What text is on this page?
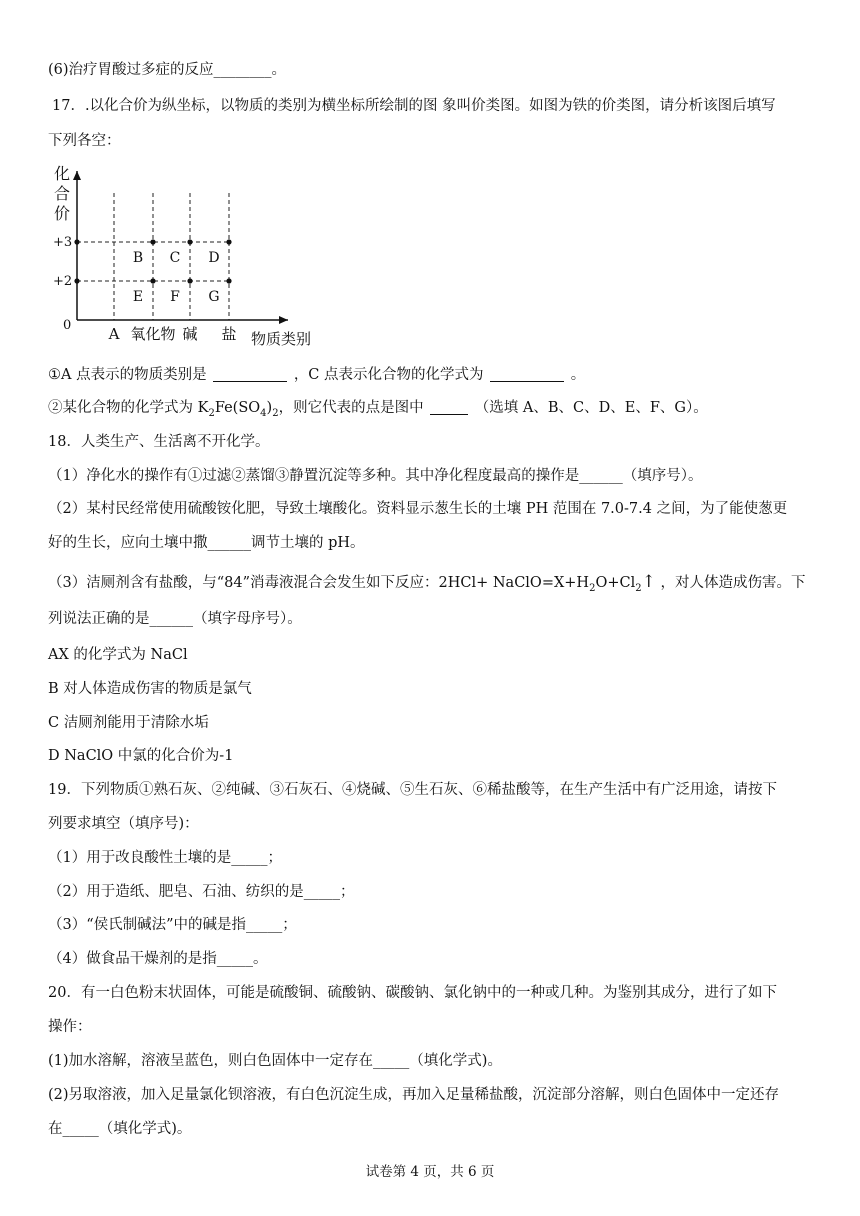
(6)治疗胃酸过多症的反应________。
17．.以化合价为纵坐标，以物质的类别为横坐标所绘制的图 象叫价类图。如图为铁的价类图，请分析该图后填写
下列各空：
化
合
价
+3
+2
0 A 氧化物 碱 盐
B C D
E F G
物质类别
①A 点表示的物质类别是	，C 点表示化合物的化学式为	。
②某化合物的化学式为 $K_2Fe(SO_4)_2$，则它代表的点是图中	（选填 A、B、C、D、E、F、G）。
18．人类生产、生活离不开化学。
（1）净化水的操作有①过滤②蒸馏③静置沉淀等多种。其中净化程度最高的操作是______（填序号）。
（2）某村民经常使用硫酸铵化肥，导致土壤酸化。资料显示葱生长的土壤 PH 范围在 7.0-7.4 之间，为了能使葱更
好的生长，应向土壤中撒______调节土壤的 pH。
（3）洁厕剂含有盐酸，与“84”消毒液混合会发生如下反应：$2HCl+ NaClO=X+H_2O+Cl_2↑$ ，对人体造成伤害。下
列说法正确的是______（填字母序号）。
AX 的化学式为 NaCl
B 对人体造成伤害的物质是氯气
C 洁厕剂能用于清除水垢
D NaClO 中氯的化合价为-1
19．下列物质①熟石灰、②纯碱、③石灰石、④烧碱、⑤生石灰、⑥稀盐酸等，在生产生活中有广泛用途，请按下
列要求填空（填序号)：
（1）用于改良酸性土壤的是_____；
（2）用于造纸、肥皂、石油、纺织的是_____；
（3）“侯氏制碱法”中的碱是指_____；
（4）做食品干燥剂的是指_____。
20．有一白色粉末状固体，可能是硫酸铜、硫酸钠、碳酸钠、氯化钠中的一种或几种。为鉴别其成分，进行了如下
操作：
(1)加水溶解，溶液呈蓝色，则白色固体中一定存在_____（填化学式)。
(2)另取溶液，加入足量氯化钡溶液，有白色沉淀生成，再加入足量稀盐酸，沉淀部分溶解，则白色固体中一定还存
在_____（填化学式)。
试卷第 4 页，共 6 页
